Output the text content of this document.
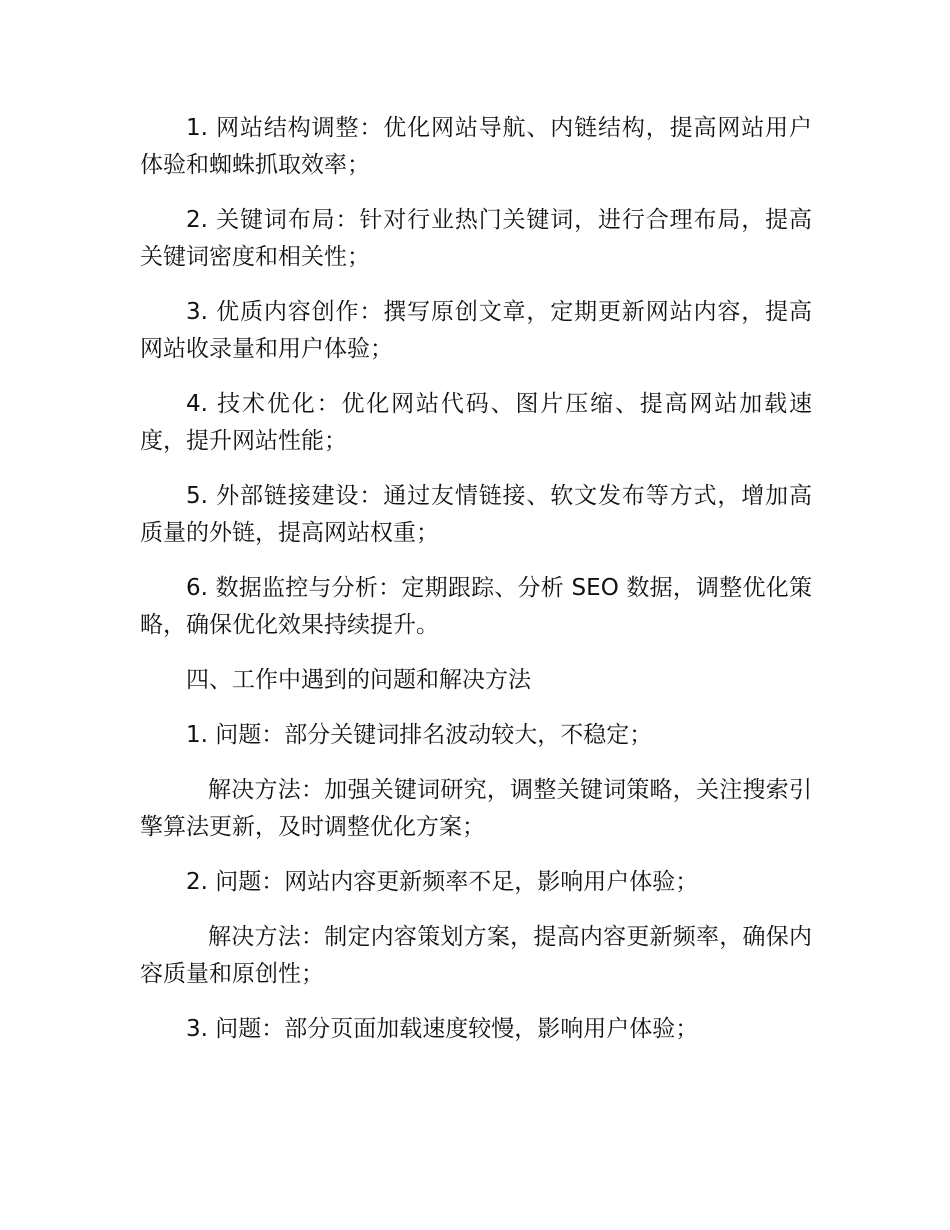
1. 网站结构调整：优化网站导航、内链结构，提高网站用户体验和蜘蛛抓取效率；

2. 关键词布局：针对行业热门关键词，进行合理布局，提高关键词密度和相关性；

3. 优质内容创作：撰写原创文章，定期更新网站内容，提高网站收录量和用户体验；

4. 技术优化：优化网站代码、图片压缩、提高网站加载速度，提升网站性能；

5. 外部链接建设：通过友情链接、软文发布等方式，增加高质量的外链，提高网站权重；

6. 数据监控与分析：定期跟踪、分析 SEO 数据，调整优化策略，确保优化效果持续提升。

四、工作中遇到的问题和解决方法

1. 问题：部分关键词排名波动较大，不稳定；

解决方法：加强关键词研究，调整关键词策略，关注搜索引擎算法更新，及时调整优化方案；

2. 问题：网站内容更新频率不足，影响用户体验；

解决方法：制定内容策划方案，提高内容更新频率，确保内容质量和原创性；

3. 问题：部分页面加载速度较慢，影响用户体验；
